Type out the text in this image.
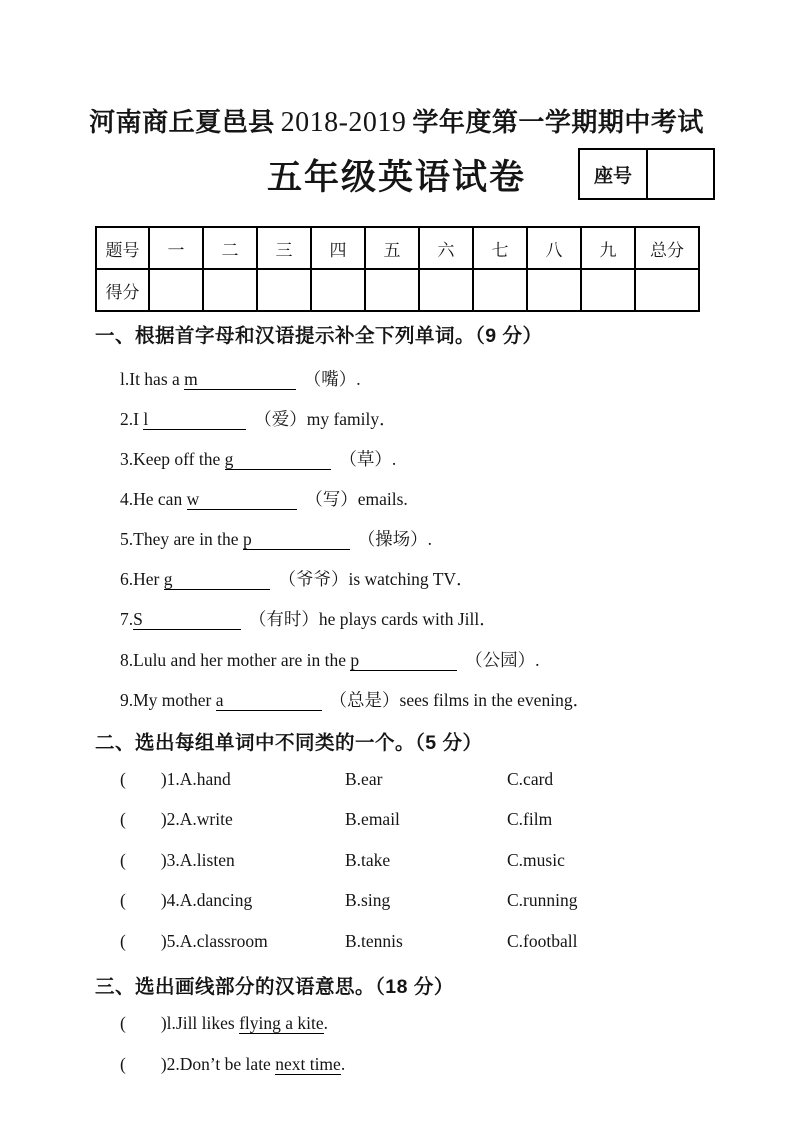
河南商丘夏邑县 2018-2019 学年度第一学期期中考试
五年级英语试卷	座号
题号	一	二	三	四	五	六	七	八	九	总分
得分										
一、根据首字母和汉语提示补全下列单词。（9 分）
l.It has a m	（嘴）.
2.I l	（爱）my family．
3.Keep off the g	（草）.
4.He can w	（写）emails.
5.They are in the p	（操场）.
6.Her g	（爷爷）is watching TV．
7.S	（有时）he plays cards with Jill．
8.Lulu and her mother are in the p	（公园）.
9.My mother a	（总是）sees films in the evening．
二、选出每组单词中不同类的一个。（5 分）
(        )1.A.hand	B.ear	C.card
(        )2.A.write	B.email	C.film
(        )3.A.listen	B.take	C.music
(        )4.A.dancing	B.sing	C.running
(        )5.A.classroom	B.tennis	C.football
三、选出画线部分的汉语意思。（18 分）
(        )l.Jill likes flying a kite.
(        )2.Don’t be late next time.
